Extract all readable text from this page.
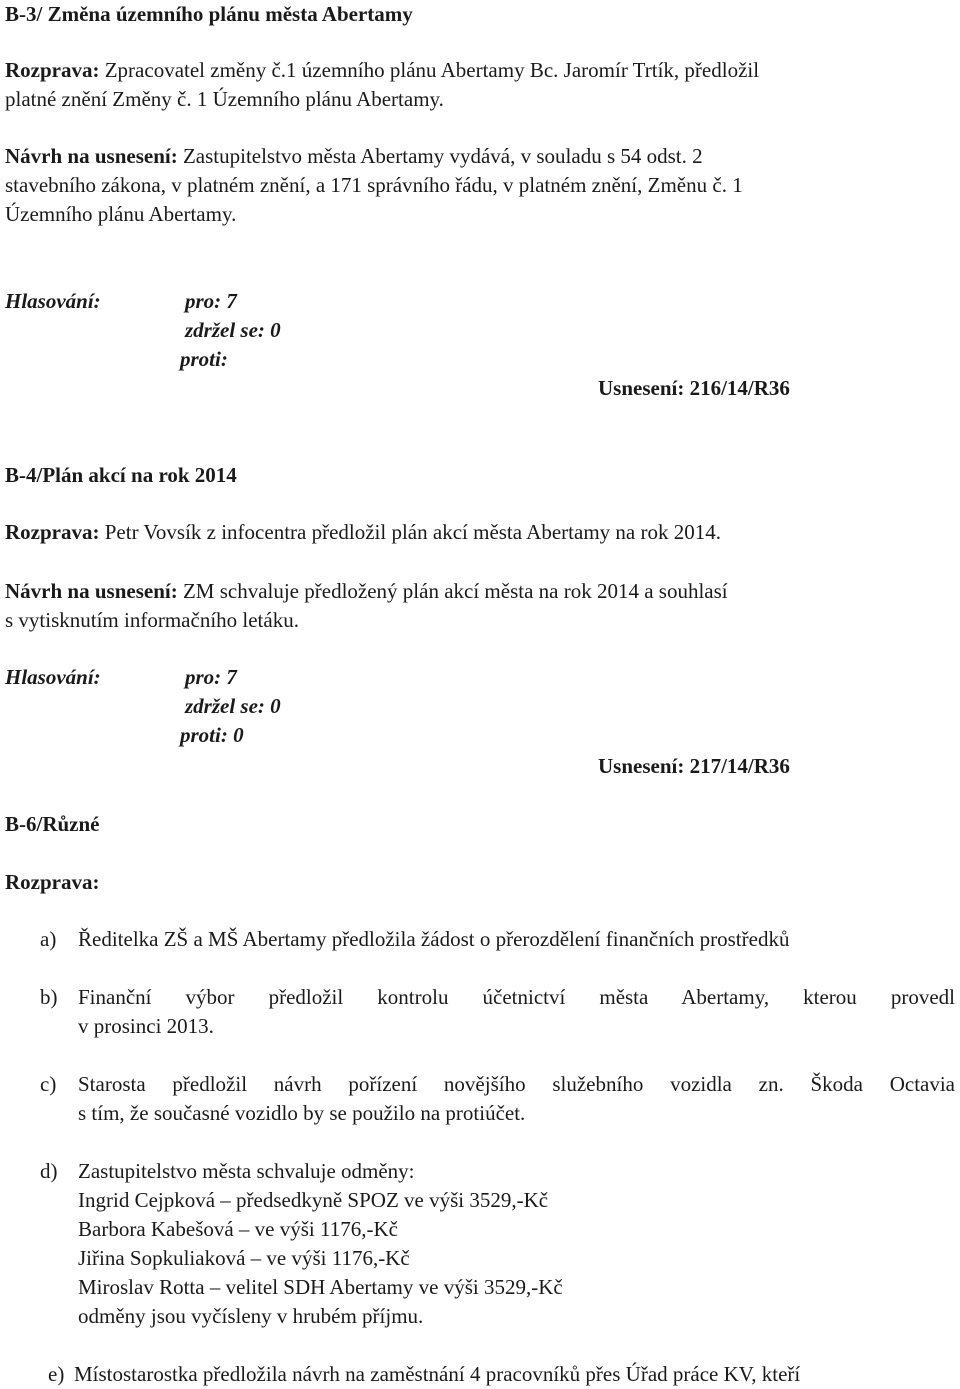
B-3/ Změna územního plánu města Abertamy
Rozprava: Zpracovatel změny č.1 územního plánu Abertamy Bc. Jaromír Trtík, předložil
platné znění Změny č. 1 Územního plánu Abertamy.
Návrh na usnesení: Zastupitelstvo města Abertamy vydává, v souladu s 54 odst. 2
stavebního zákona, v platném znění, a 171 správního řádu, v platném znění, Změnu č. 1
Územního plánu Abertamy.
Hlasování:	pro: 7
zdržel se: 0
proti:
Usnesení: 216/14/R36
B-4/Plán akcí na rok 2014
Rozprava: Petr Vovsík z infocentra předložil plán akcí města Abertamy na rok 2014.
Návrh na usnesení: ZM schvaluje předložený plán akcí města na rok 2014 a souhlasí
s vytisknutím informačního letáku.
Hlasování:	pro: 7
zdržel se: 0
proti: 0
Usnesení: 217/14/R36
B-6/Různé
Rozprava:
a) Ředitelka ZŠ a MŠ Abertamy předložila žádost o přerozdělení finančních prostředků
b) Finanční výbor předložil kontrolu účetnictví města Abertamy, kterou provedl
v prosinci 2013.
c) Starosta předložil návrh pořízení novějšího služebního vozidla zn. Škoda Octavia
s tím, že současné vozidlo by se použilo na protiúčet.
d) Zastupitelstvo města schvaluje odměny:
Ingrid Cejpková – předsedkyně SPOZ ve výši 3529,-Kč
Barbora Kabešová – ve výši 1176,-Kč
Jiřina Sopkuliaková – ve výši 1176,-Kč
Miroslav Rotta – velitel SDH Abertamy ve výši 3529,-Kč
odměny jsou vyčísleny v hrubém příjmu.
e) Místostarostka předložila návrh na zaměstnání 4 pracovníků přes Úřad práce KV, kteří
